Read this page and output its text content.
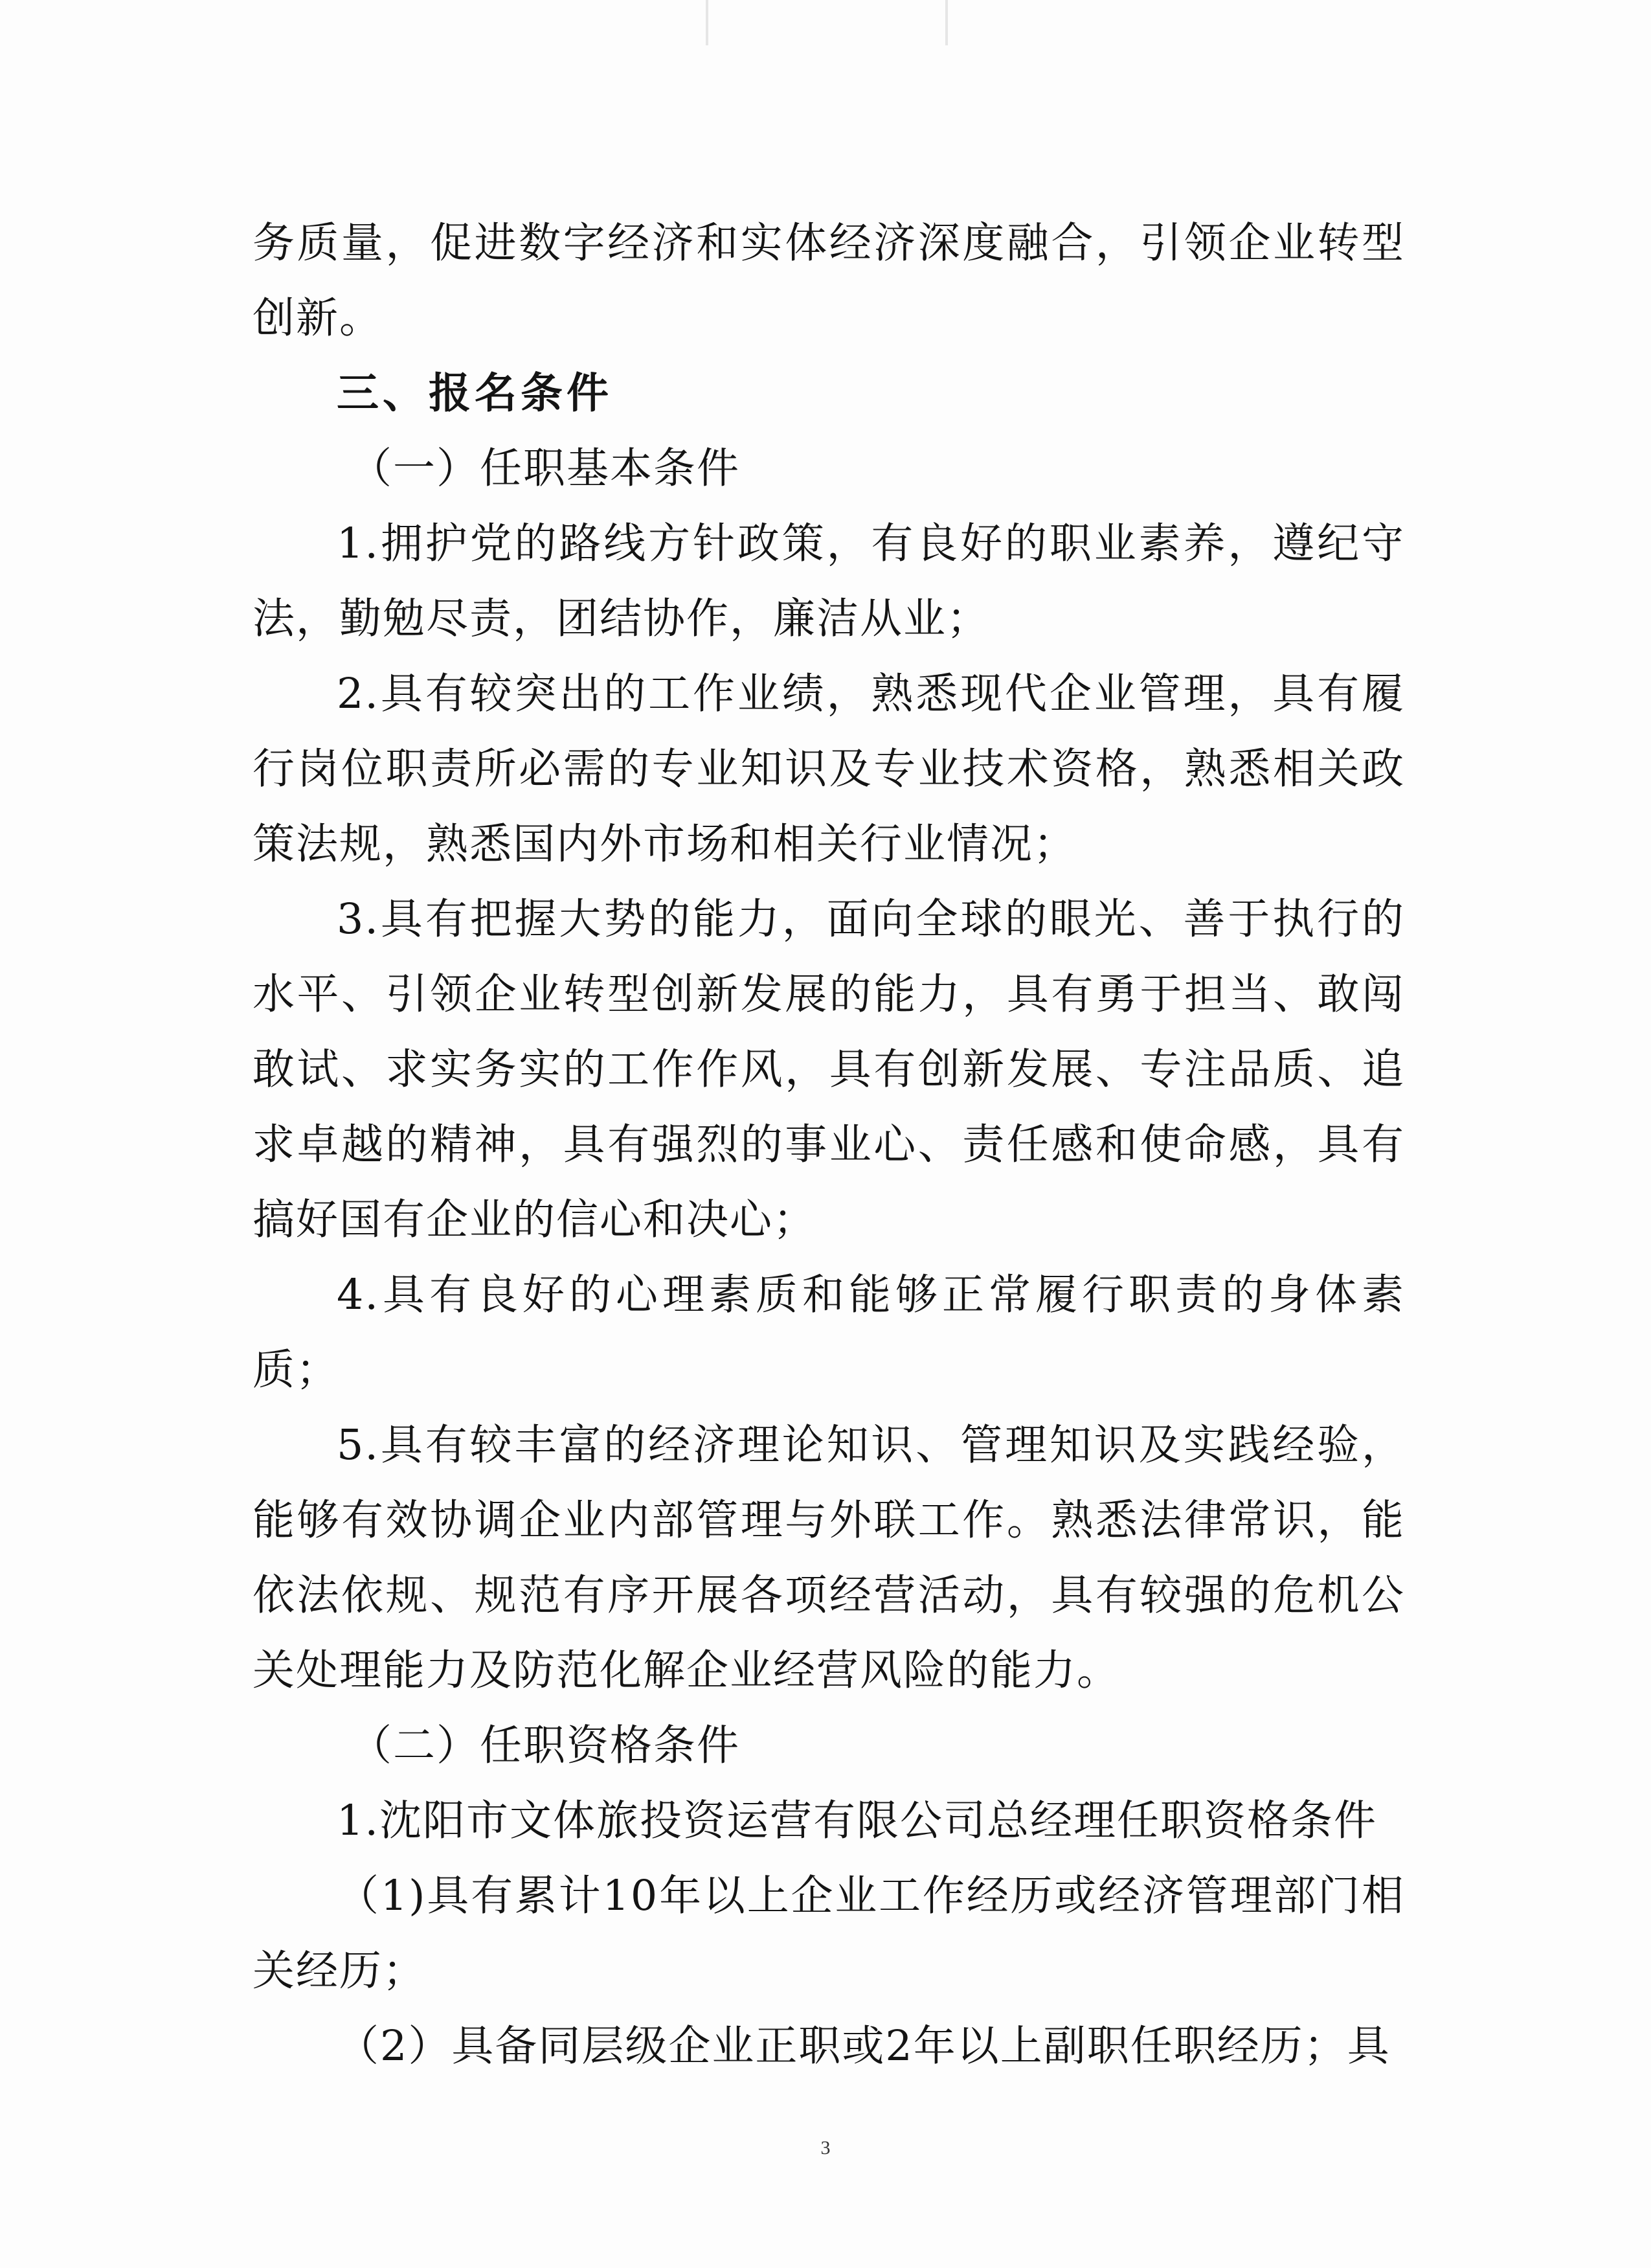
务质量，促进数字经济和实体经济深度融合，引领企业转型创新。

三、报名条件

（一）任职基本条件

1.拥护党的路线方针政策，有良好的职业素养，遵纪守法，勤勉尽责，团结协作，廉洁从业；

2.具有较突出的工作业绩，熟悉现代企业管理，具有履行岗位职责所必需的专业知识及专业技术资格，熟悉相关政策法规，熟悉国内外市场和相关行业情况；

3.具有把握大势的能力，面向全球的眼光、善于执行的水平、引领企业转型创新发展的能力，具有勇于担当、敢闯敢试、求实务实的工作作风，具有创新发展、专注品质、追求卓越的精神，具有强烈的事业心、责任感和使命感，具有搞好国有企业的信心和决心；

4.具有良好的心理素质和能够正常履行职责的身体素质；

5.具有较丰富的经济理论知识、管理知识及实践经验，能够有效协调企业内部管理与外联工作。熟悉法律常识，能依法依规、规范有序开展各项经营活动，具有较强的危机公关处理能力及防范化解企业经营风险的能力。

（二）任职资格条件

1.沈阳市文体旅投资运营有限公司总经理任职资格条件

（1)具有累计10年以上企业工作经历或经济管理部门相关经历；

（2）具备同层级企业正职或2年以上副职任职经历；具

3
